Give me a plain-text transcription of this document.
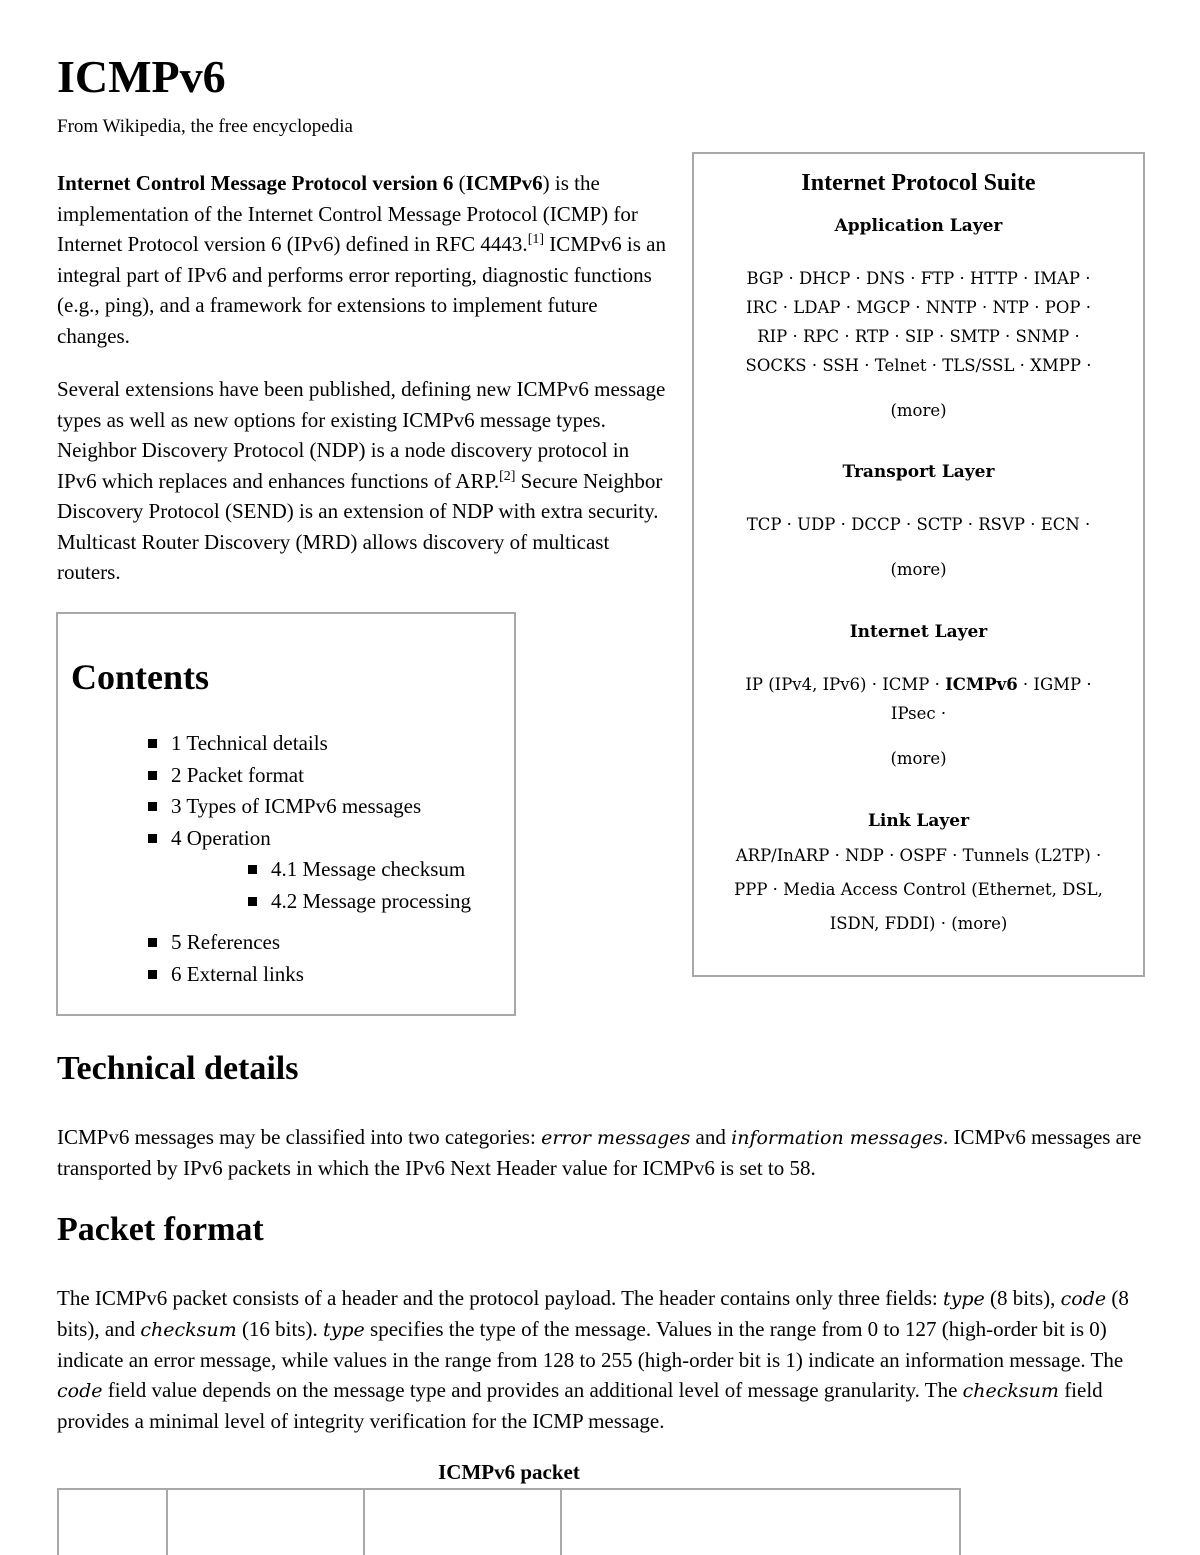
ICMPv6
From Wikipedia, the free encyclopedia

Internet Control Message Protocol version 6 (ICMPv6) is the implementation of the Internet Control Message Protocol (ICMP) for Internet Protocol version 6 (IPv6) defined in RFC 4443.[1] ICMPv6 is an integral part of IPv6 and performs error reporting, diagnostic functions (e.g., ping), and a framework for extensions to implement future changes.

Several extensions have been published, defining new ICMPv6 message types as well as new options for existing ICMPv6 message types. Neighbor Discovery Protocol (NDP) is a node discovery protocol in IPv6 which replaces and enhances functions of ARP.[2] Secure Neighbor Discovery Protocol (SEND) is an extension of NDP with extra security. Multicast Router Discovery (MRD) allows discovery of multicast routers.

Contents
1 Technical details
2 Packet format
3 Types of ICMPv6 messages
4 Operation
4.1 Message checksum
4.2 Message processing
5 References
6 External links
Internet Protocol Suite
Application Layer
BGP · DHCP · DNS · FTP · HTTP · IMAP ·
IRC · LDAP · MGCP · NNTP · NTP · POP ·
RIP · RPC · RTP · SIP · SMTP · SNMP ·
SOCKS · SSH · Telnet · TLS/SSL · XMPP ·
(more)
Transport Layer
TCP · UDP · DCCP · SCTP · RSVP · ECN ·
(more)
Internet Layer
IP (IPv4, IPv6) · ICMP · ICMPv6 · IGMP ·
IPsec ·
(more)
Link Layer
ARP/InARP · NDP · OSPF · Tunnels (L2TP) ·
PPP · Media Access Control (Ethernet, DSL,
ISDN, FDDI) · (more)
Technical details

ICMPv6 messages may be classified into two categories: error messages and information messages. ICMPv6 messages are transported by IPv6 packets in which the IPv6 Next Header value for ICMPv6 is set to 58.

Packet format

The ICMPv6 packet consists of a header and the protocol payload. The header contains only three fields: type (8 bits), code (8 bits), and checksum (16 bits). type specifies the type of the message. Values in the range from 0 to 127 (high-order bit is 0) indicate an error message, while values in the range from 128 to 255 (high-order bit is 1) indicate an information message. The code field value depends on the message type and provides an additional level of message granularity. The checksum field provides a minimal level of integrity verification for the ICMP message.

ICMPv6 packet
